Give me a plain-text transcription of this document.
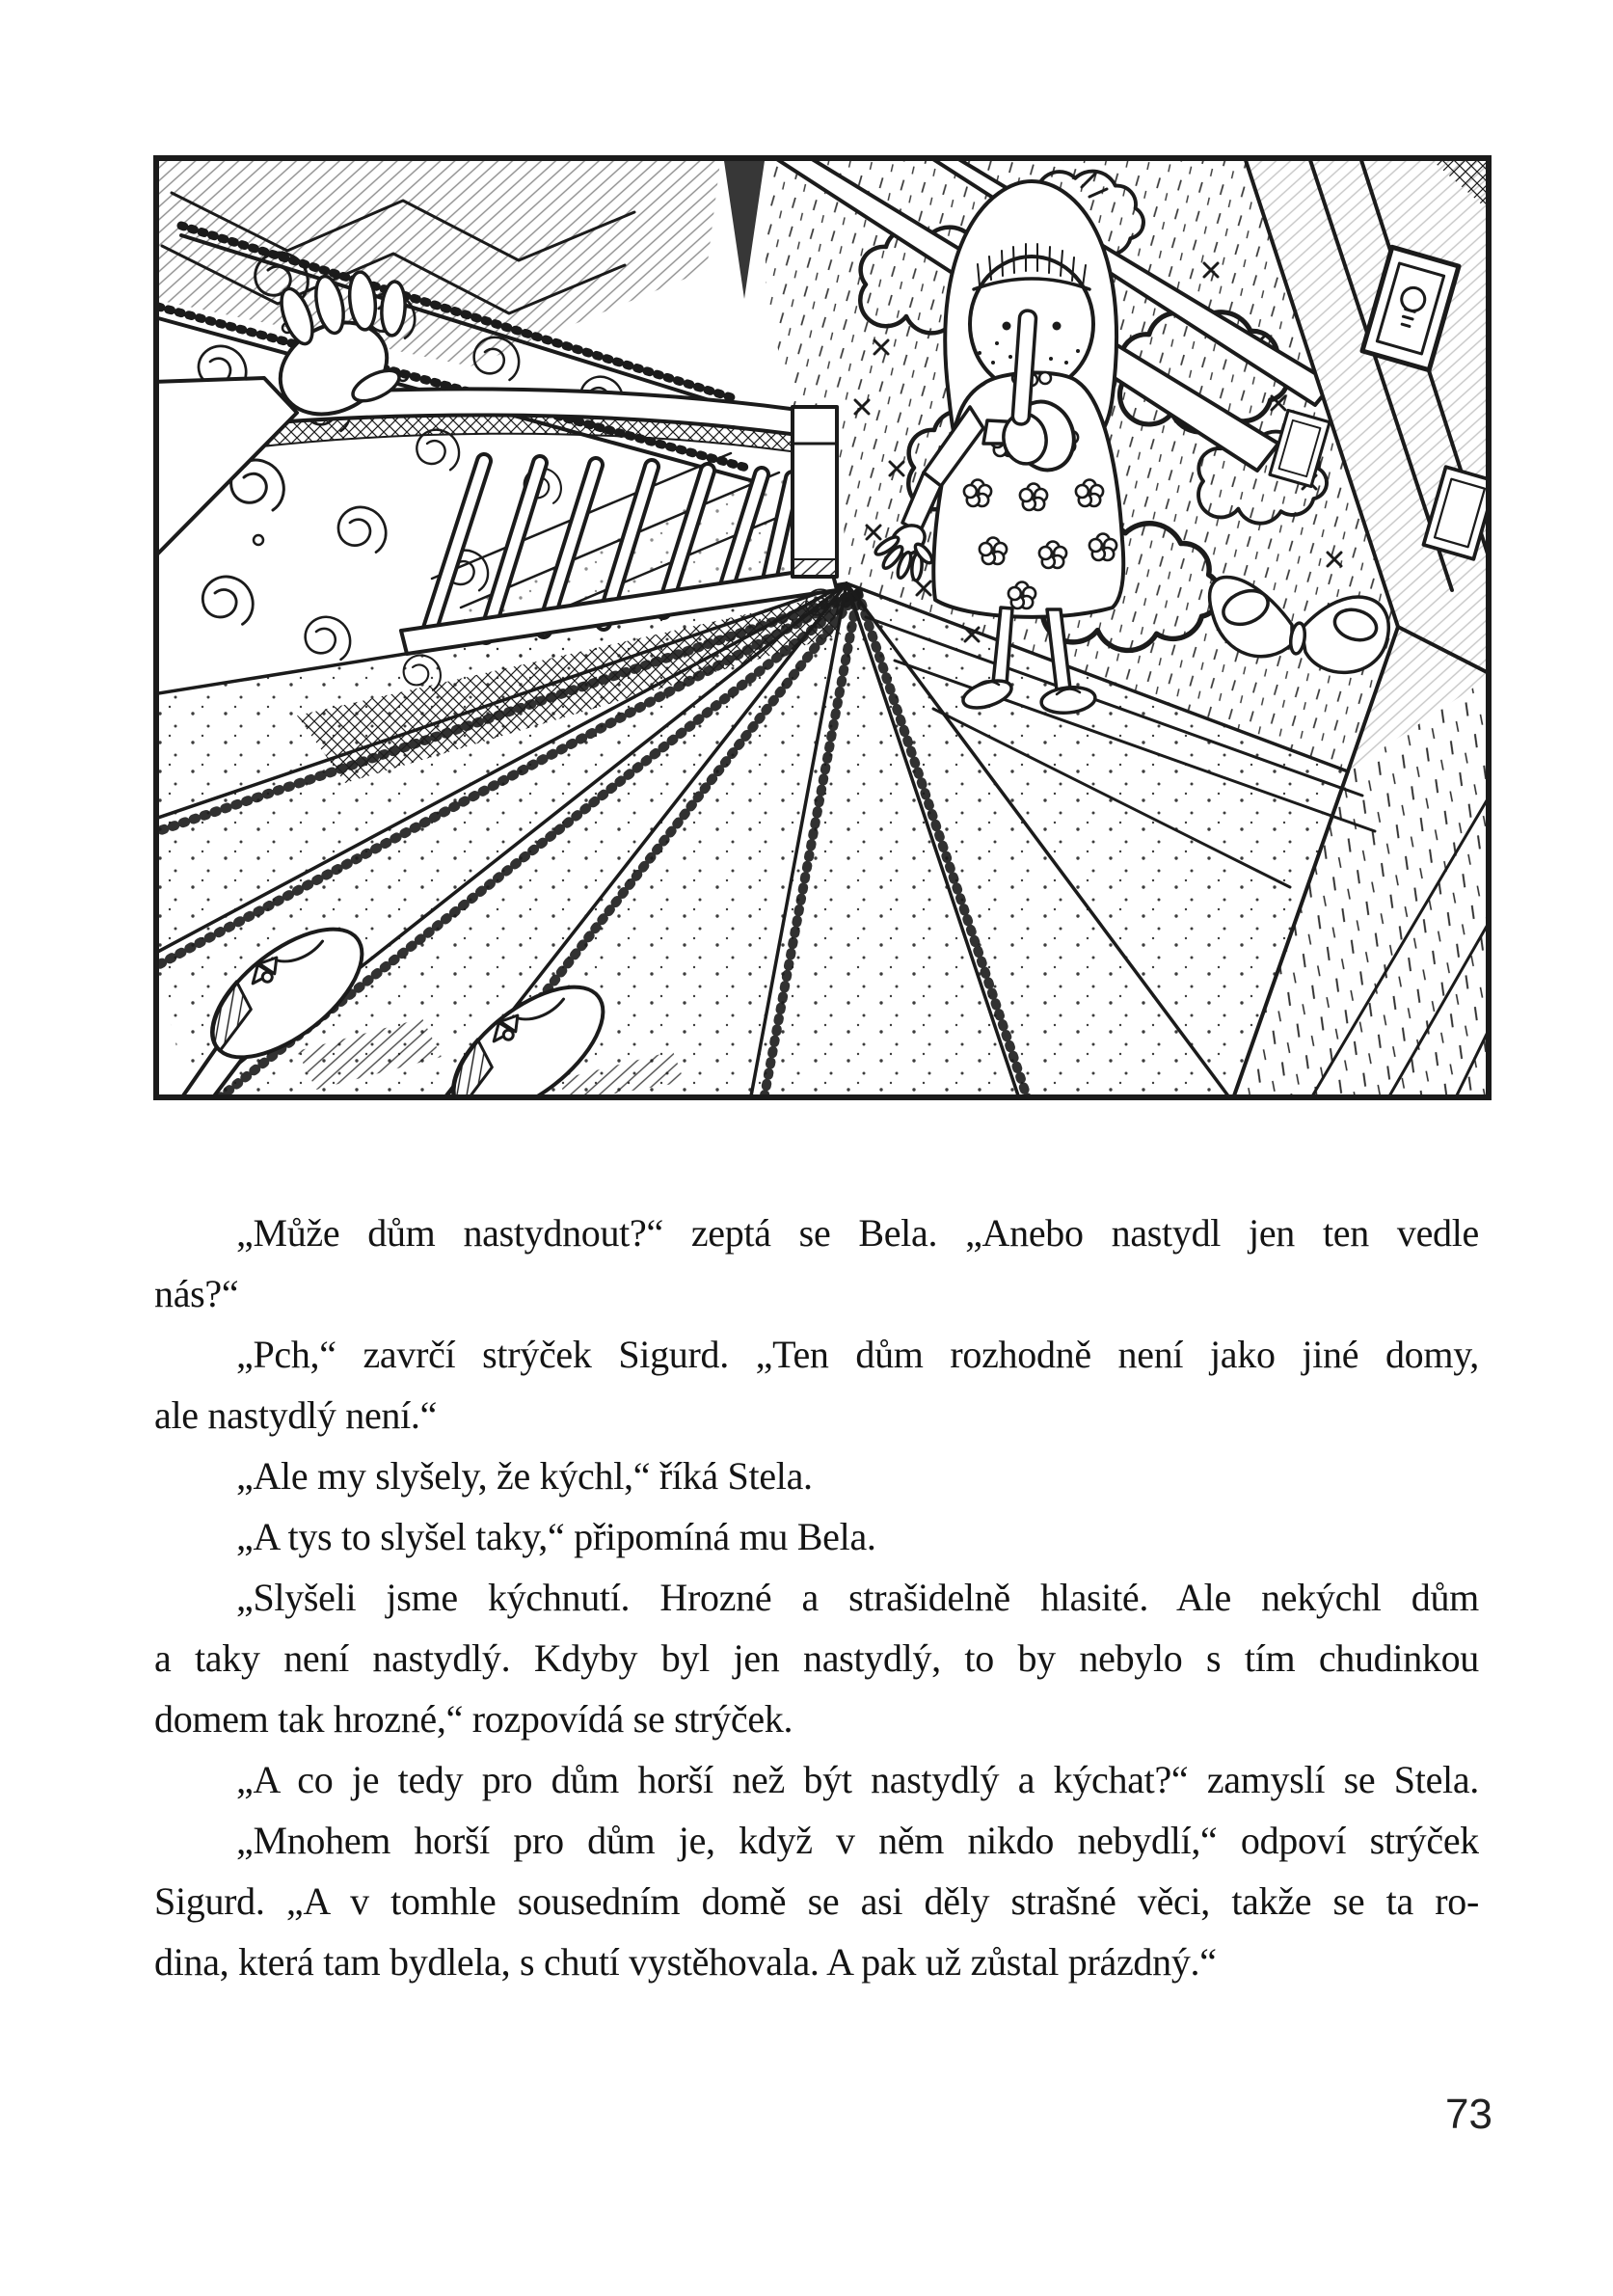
„Může dům nastydnout?“ zeptá se Bela. „Anebo nastydl jen ten vedle
nás?“
„Pch,“ zavrčí strýček Sigurd. „Ten dům rozhodně není jako jiné domy,
ale nastydlý není.“
„Ale my slyšely, že kýchl,“ říká Stela.
„A tys to slyšel taky,“ připomíná mu Bela.
„Slyšeli jsme kýchnutí. Hrozné a strašidelně hlasité. Ale nekýchl dům
a taky není nastydlý. Kdyby byl jen nastydlý, to by nebylo s tím chudinkou
domem tak hrozné,“ rozpovídá se strýček.
„A co je tedy pro dům horší než být nastydlý a kýchat?“ zamyslí se Stela.
„Mnohem horší pro dům je, když v něm nikdo nebydlí,“ odpoví strýček
Sigurd. „A v tomhle sousedním domě se asi děly strašné věci, takže se ta ro-
dina, která tam bydlela, s chutí vystěhovala. A pak už zůstal prázdný.“
73
